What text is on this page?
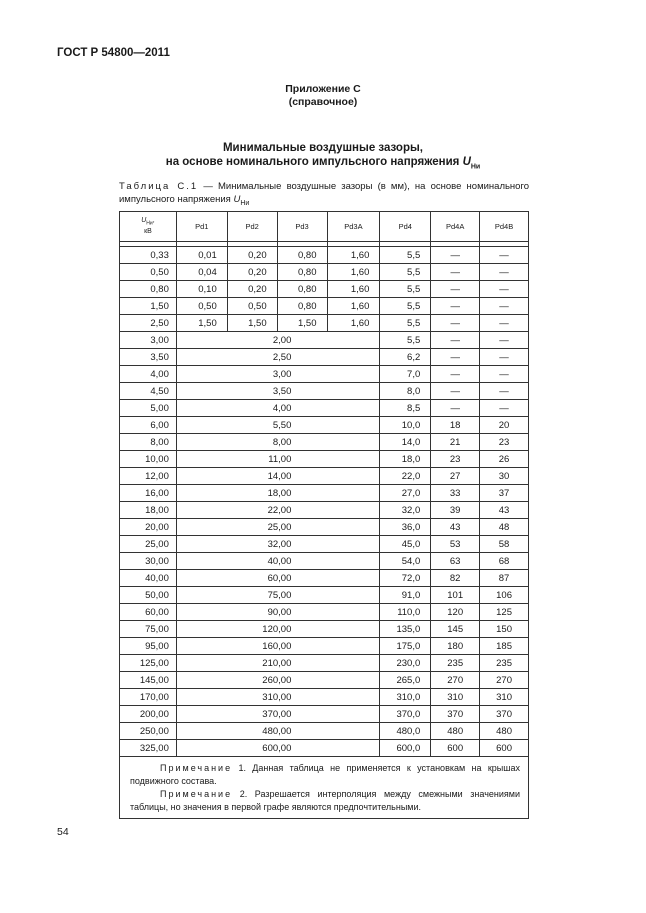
ГОСТ Р 54800—2011
Приложение С
(справочное)
Минимальные воздушные зазоры,
на основе номинального импульсного напряжения $U_{Ни}$
Таблица С.1 — Минимальные воздушные зазоры (в мм), на основе номинального импульсного напряжения $U_{Ни}$
$U_{Ни}$,
кВ	Pd1	Pd2	Pd3	Pd3A	Pd4	Pd4A	Pd4B

0,33	0,01	0,20	0,80	1,60	5,5	—	—
0,50	0,04	0,20	0,80	1,60	5,5	—	—
0,80	0,10	0,20	0,80	1,60	5,5	—	—
1,50	0,50	0,50	0,80	1,60	5,5	—	—
2,50	1,50	1,50	1,50	1,60	5,5	—	—
3,00	2,00				5,5	—	—
3,50	2,50				6,2	—	—
4,00	3,00				7,0	—	—
4,50	3,50				8,0	—	—
5,00	4,00				8,5	—	—
6,00	5,50				10,0	18	20
8,00	8,00				14,0	21	23
10,00	11,00				18,0	23	26
12,00	14,00				22,0	27	30
16,00	18,00				27,0	33	37
18,00	22,00				32,0	39	43
20,00	25,00				36,0	43	48
25,00	32,00				45,0	53	58
30,00	40,00				54,0	63	68
40,00	60,00				72,0	82	87
50,00	75,00				91,0	101	106
60,00	90,00				110,0	120	125
75,00	120,00				135,0	145	150
95,00	160,00				175,0	180	185
125,00	210,00				230,0	235	235
145,00	260,00				265,0	270	270
170,00	310,00				310,0	310	310
200,00	370,00				370,0	370	370
250,00	480,00				480,0	480	480
325,00	600,00				600,0	600	600

Примечание 1. Данная таблица не применяется к установкам на крышах подвижного состава.

Примечание 2. Разрешается интерполяция между смежными значениями таблицы, но значения в первой графе являются предпочтительными.							

54
